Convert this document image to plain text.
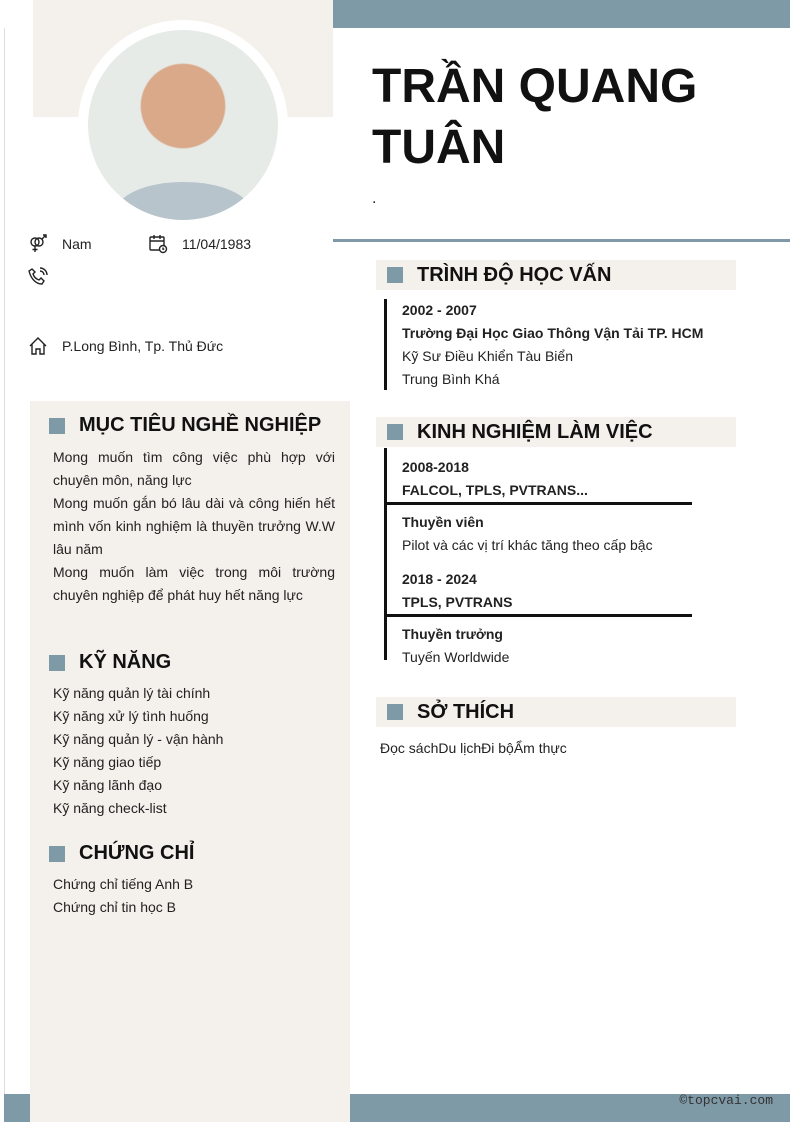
TRẦN QUANG
TUÂN
.
Nam	11/04/1983
P.Long Bình, Tp. Thủ Đức
©topcvai.com
MỤC TIÊU NGHỀ NGHIỆP
Mong muốn tìm công việc phù hợp với chuyên môn, năng lực
Mong muốn gắn bó lâu dài và công hiến hết mình vốn kinh nghiệm là thuyền trưởng W.W lâu năm
Mong muốn làm việc trong môi trường chuyên nghiệp để phát huy hết năng lực
KỸ NĂNG
Kỹ năng quản lý tài chính
Kỹ năng xử lý tình huống
Kỹ năng quản lý - vận hành
Kỹ năng giao tiếp
Kỹ năng lãnh đạo
Kỹ năng check-list
CHỨNG CHỈ
Chứng chỉ tiếng Anh B
Chứng chỉ tin học B
TRÌNH ĐỘ HỌC VẤN
2002 - 2007
Trường Đại Học Giao Thông Vận Tải TP. HCM
Kỹ Sư Điều Khiển Tàu Biển
Trung Bình Khá
KINH NGHIỆM LÀM VIỆC
2008-2018
FALCOL, TPLS, PVTRANS...
Thuyền viên
Pilot và các vị trí khác tăng theo cấp bậc
2018 - 2024
TPLS, PVTRANS
Thuyền trưởng
Tuyến Worldwide
SỞ THÍCH
Đọc sáchDu lịchĐi bộẨm thực
